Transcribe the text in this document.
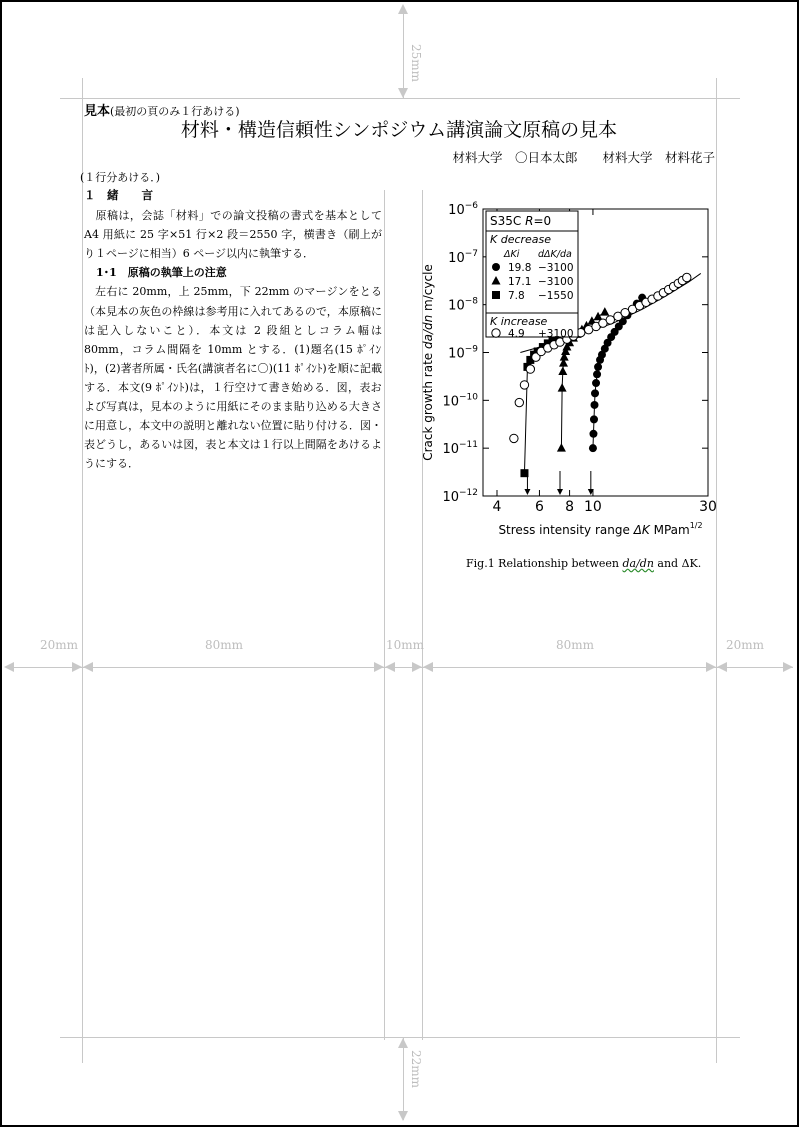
25mm
22mm
20mm	80mm	10mm	80mm	20mm
見本(最初の頁のみ１行あける)
材料・構造信頼性シンポジウム講演論文原稿の見本
材料大学　〇日本太郎　　材料大学　材料花子
(１行分あける．)

１　緒　　言

　原稿は，会誌「材料」での論文投稿の書式を基本として A4 用紙に 25 字×51 行×2 段＝2550 字，横書き（刷上がり１ページに相当）6 ページ以内に執筆する．

1･1　原稿の執筆上の注意

　左右に 20mm，上 25mm，下 22mm のマージンをとる（本見本の灰色の枠線は参考用に入れてあるので，本原稿には記入しないこと）．本文は 2 段組としコラム幅は 80mm，コラム間隔を 10mm とする．(1)題名(15 ﾎﾟｲﾝﾄ)，(2)著者所属・氏名(講演者名に〇)(11 ﾎﾟｲﾝﾄ)を順に記載する．本文(9 ﾎﾟｲﾝﾄ)は，１行空けて書き始める．図，表および写真は，見本のように用紙にそのまま貼り込める大きさに用意し，本文中の説明と離れない位置に貼り付ける．図・表どうし，あるいは図，表と本文は１行以上間隔をあけるようにする．

4 6 8 10	30
$10^{-6}$
$10^{-7}$
$10^{-8}$
$10^{-9}$
$10^{-10}$
$10^{-11}$
$10^{-12}$
Crack growth rate da/dn m/cycle
Stress intensity range ΔK MPam$^{1/2}$
S35C R=0
K decrease
ΔKi dΔK/da
19.8 −3100
17.1 −3100
7.8 −1550
K increase
4.9 +3100
Fig.1 Relationship between da/dn and ΔK.
